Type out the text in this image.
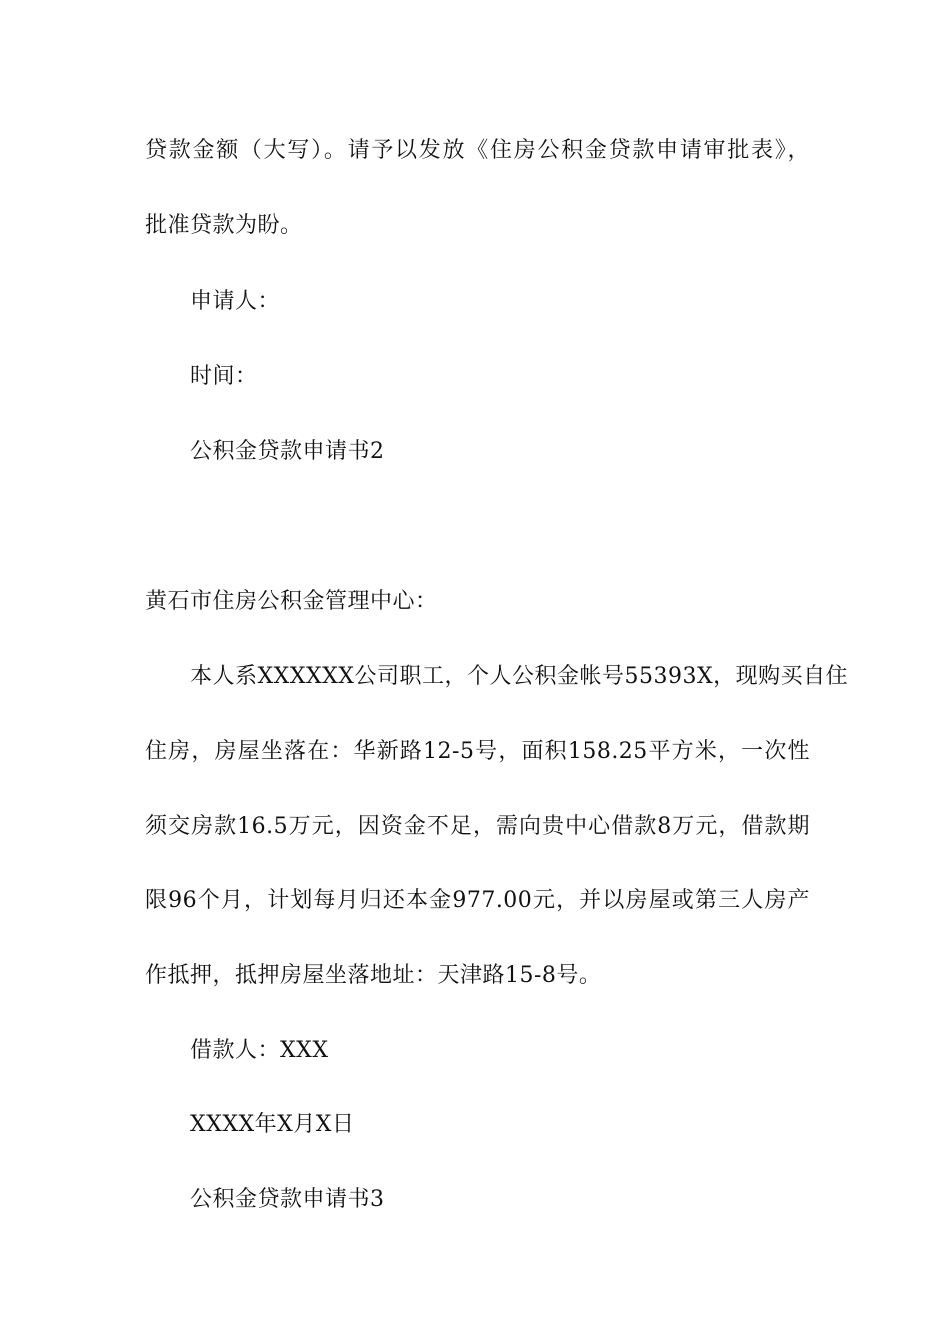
贷款金额（大写）。请予以发放《住房公积金贷款申请审批表》，
批准贷款为盼。
申请人：
时间：
公积金贷款申请书2
黄石市住房公积金管理中心：
本人系XXXXXX公司职工，个人公积金帐号55393X，现购买自住
住房，房屋坐落在：华新路12-5号，面积158.25平方米，一次性
须交房款16.5万元，因资金不足，需向贵中心借款8万元，借款期
限96个月，计划每月归还本金977.00元，并以房屋或第三人房产
作抵押，抵押房屋坐落地址：天津路15-8号。
借款人：XXX
XXXX年X月X日
公积金贷款申请书3
